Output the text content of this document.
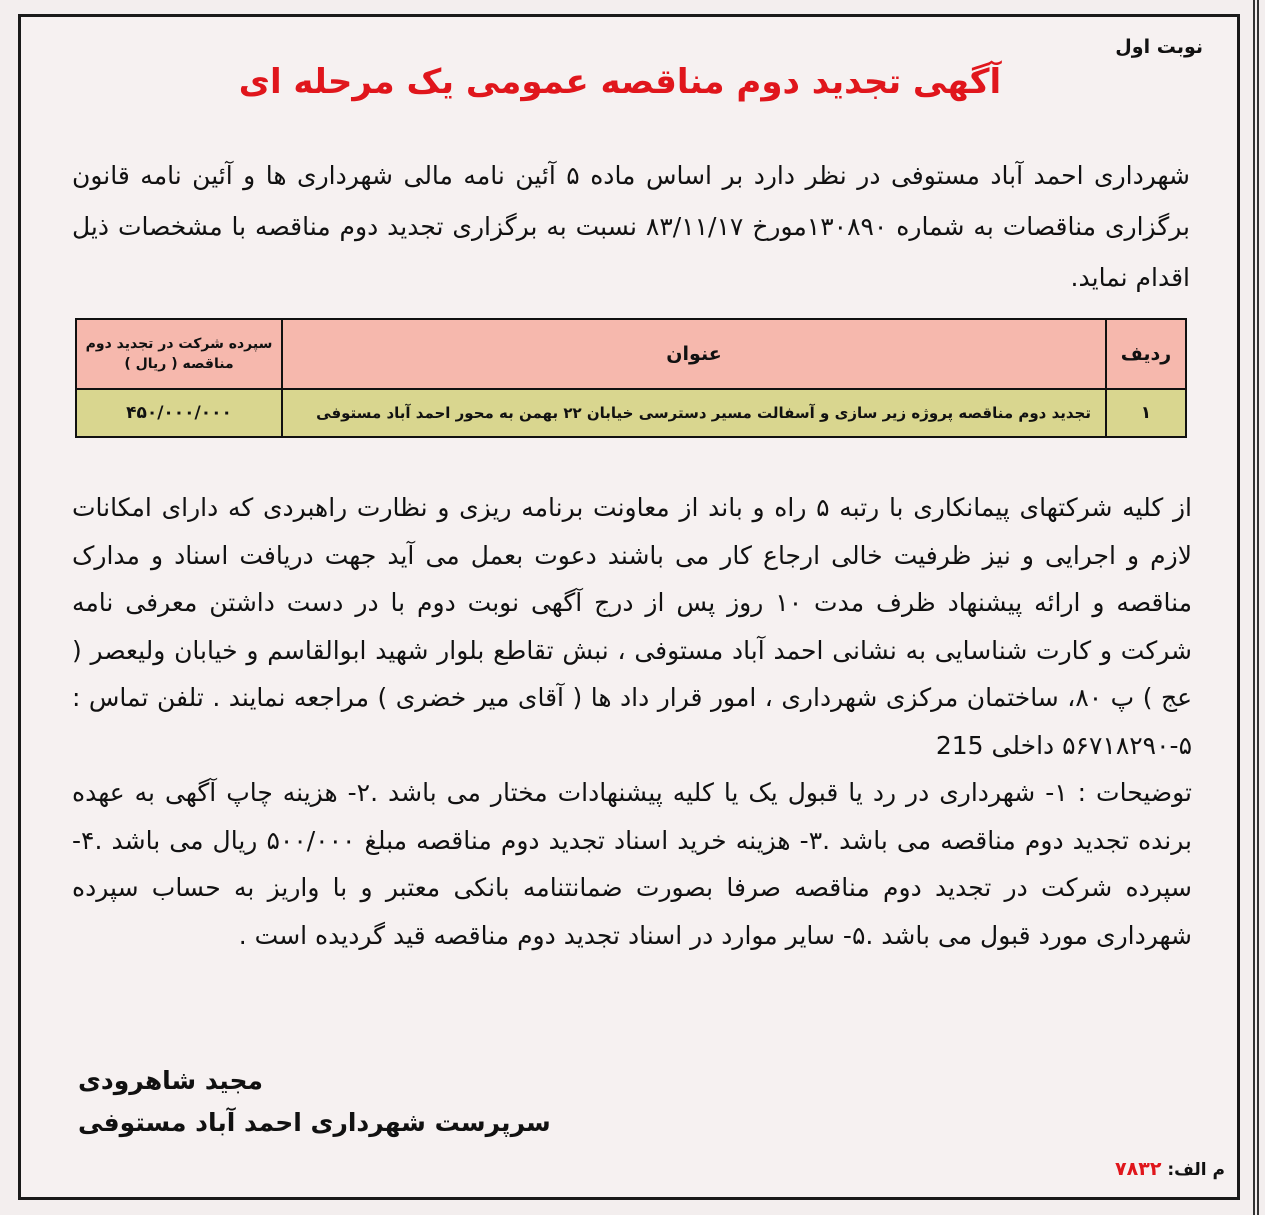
نوبت اول
آگهی تجدید دوم مناقصه عمومی یک مرحله ای
شهرداری احمد آباد مستوفی در نظر دارد بر اساس ماده ۵ آئین نامه مالی شهرداری ها و آئین نامه قانون برگزاری مناقصات به شماره ۱۳۰۸۹۰مورخ ۸۳/۱۱/۱۷ نسبت به برگزاری تجدید دوم مناقصه با مشخصات ذیل اقدام نماید.
ردیف	عنوان	سپرده شرکت در تجدید دوم مناقصه ( ریال )
۱	تجدید دوم مناقصه پروژه زیر سازی و آسفالت مسیر دسترسی خیابان ۲۲ بهمن به محور احمد آباد مستوفی	۴۵۰/۰۰۰/۰۰۰

از کلیه شرکتهای پیمانکاری با رتبه ۵ راه و باند از معاونت برنامه ریزی و نظارت راهبردی که دارای امکانات لازم و اجرایی و نیز ظرفیت خالی ارجاع کار می باشند دعوت بعمل می آید جهت دریافت اسناد و مدارک مناقصه و ارائه پیشنهاد ظرف مدت ۱۰ روز پس از درج آگهی نوبت دوم با در دست داشتن معرفی نامه شرکت و کارت شناسایی به نشانی احمد آباد مستوفی ، نبش تقاطع بلوار شهید ابوالقاسم و خیابان ولیعصر ( عج ) پ ۸۰، ساختمان مرکزی شهرداری ، امور قرار داد ها ( آقای میر خضری ) مراجعه نمایند . تلفن تماس : ۵-۵۶۷۱۸۲۹۰ داخلی 215

توضیحات : ۱- شهرداری در رد یا قبول یک یا کلیه پیشنهادات مختار می باشد .۲- هزینه چاپ آگهی به عهده برنده تجدید دوم مناقصه می باشد .۳- هزینه خرید اسناد تجدید دوم مناقصه مبلغ ۵۰۰/۰۰۰ ریال می باشد .۴- سپرده شرکت در تجدید دوم مناقصه صرفا بصورت ضمانتنامه بانکی معتبر و با واریز به حساب سپرده شهرداری مورد قبول می باشد .۵- سایر موارد در اسناد تجدید دوم مناقصه قید گردیده است .

مجید شاهرودی
سرپرست شهرداری احمد آباد مستوفی
م الف: ۷۸۳۲
